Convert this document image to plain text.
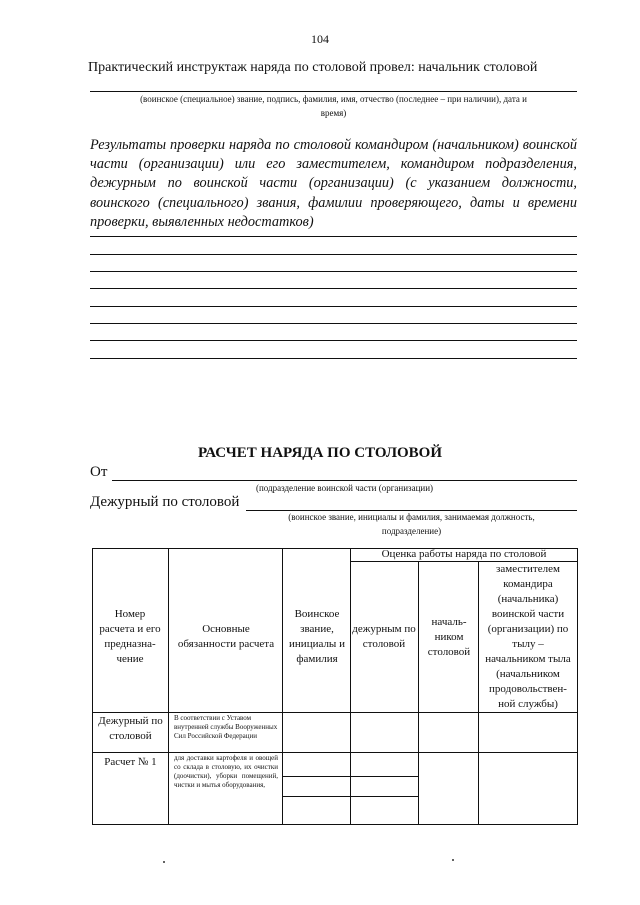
104
Практический инструктаж наряда по столовой провел: начальник столовой
(воинское (специальное) звание, подпись, фамилия, имя, отчество (последнее – при наличии), дата и
время)
Результаты проверки наряда по столовой командиром (начальником) воинской части (организации) или его заместителем, командиром подразделения, дежурным по воинской части (организации) (с указанием должности, воинского (специального) звания, фамилии проверяющего, даты и времени проверки, выявленных недостатков)
РАСЧЕТ НАРЯДА ПО СТОЛОВОЙ
От
(подразделение воинской части (организации)
Дежурный по столовой
(воинское звание, инициалы и фамилия, занимаемая должность,
подразделение)
Номер расчета и его предназна-чение
Основные обязанности расчета
Воинское звание, инициалы и фамилия
Оценка работы наряда по столовой
дежурным по столовой
началь-ником столовой
заместителем командира (начальника) воинской части (организации) по тылу – начальником тыла (начальником продовольствен-ной службы)
Дежурный по столовой
В соответствии с Уставом внутренней службы Вооруженных Сил Российской Федерации
Расчет № 1	для доставки картофеля и овощей со склада в столовую, их очистки (доочистки), уборки помещений, чистки и мытья оборудования,
